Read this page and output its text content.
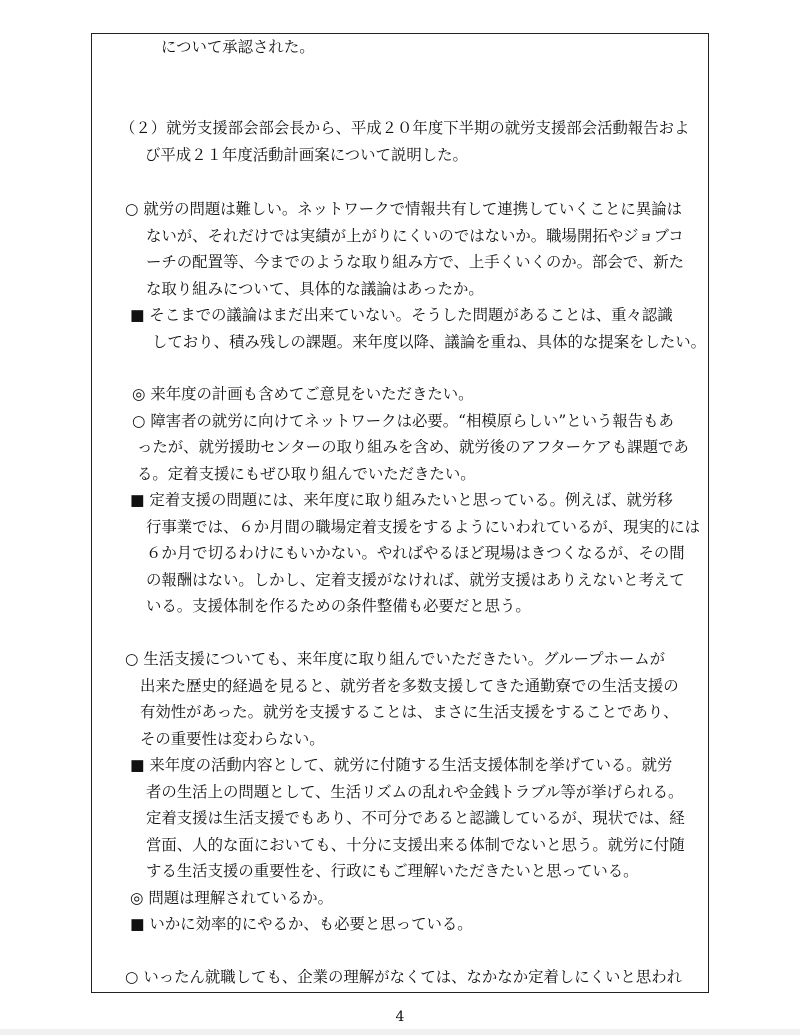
について承認された。
（２）就労支援部会部会長から、平成２０年度下半期の就労支援部会活動報告およ
び平成２１年度活動計画案について説明した。
○ 就労の問題は難しい。ネットワークで情報共有して連携していくことに異論は
ないが、それだけでは実績が上がりにくいのではないか。職場開拓やジョブコ
ーチの配置等、今までのような取り組み方で、上手くいくのか。部会で、新た
な取り組みについて、具体的な議論はあったか。
■ そこまでの議論はまだ出来ていない。そうした問題があることは、重々認識
しており、積み残しの課題。来年度以降、議論を重ね、具体的な提案をしたい。
◎ 来年度の計画も含めてご意見をいただきたい。
○ 障害者の就労に向けてネットワークは必要。“相模原らしい”という報告もあ
ったが、就労援助センターの取り組みを含め、就労後のアフターケアも課題であ
る。定着支援にもぜひ取り組んでいただきたい。
■ 定着支援の問題には、来年度に取り組みたいと思っている。例えば、就労移
行事業では、６か月間の職場定着支援をするようにいわれているが、現実的には
６か月で切るわけにもいかない。やればやるほど現場はきつくなるが、その間
の報酬はない。しかし、定着支援がなければ、就労支援はありえないと考えて
いる。支援体制を作るための条件整備も必要だと思う。
○ 生活支援についても、来年度に取り組んでいただきたい。グループホームが
出来た歴史的経過を見ると、就労者を多数支援してきた通勤寮での生活支援の
有効性があった。就労を支援することは、まさに生活支援をすることであり、
その重要性は変わらない。
■ 来年度の活動内容として、就労に付随する生活支援体制を挙げている。就労
者の生活上の問題として、生活リズムの乱れや金銭トラブル等が挙げられる。
定着支援は生活支援でもあり、不可分であると認識しているが、現状では、経
営面、人的な面においても、十分に支援出来る体制でないと思う。就労に付随
する生活支援の重要性を、行政にもご理解いただきたいと思っている。
◎ 問題は理解されているか。
■ いかに効率的にやるか、も必要と思っている。
○ いったん就職しても、企業の理解がなくては、なかなか定着しにくいと思われ
4
